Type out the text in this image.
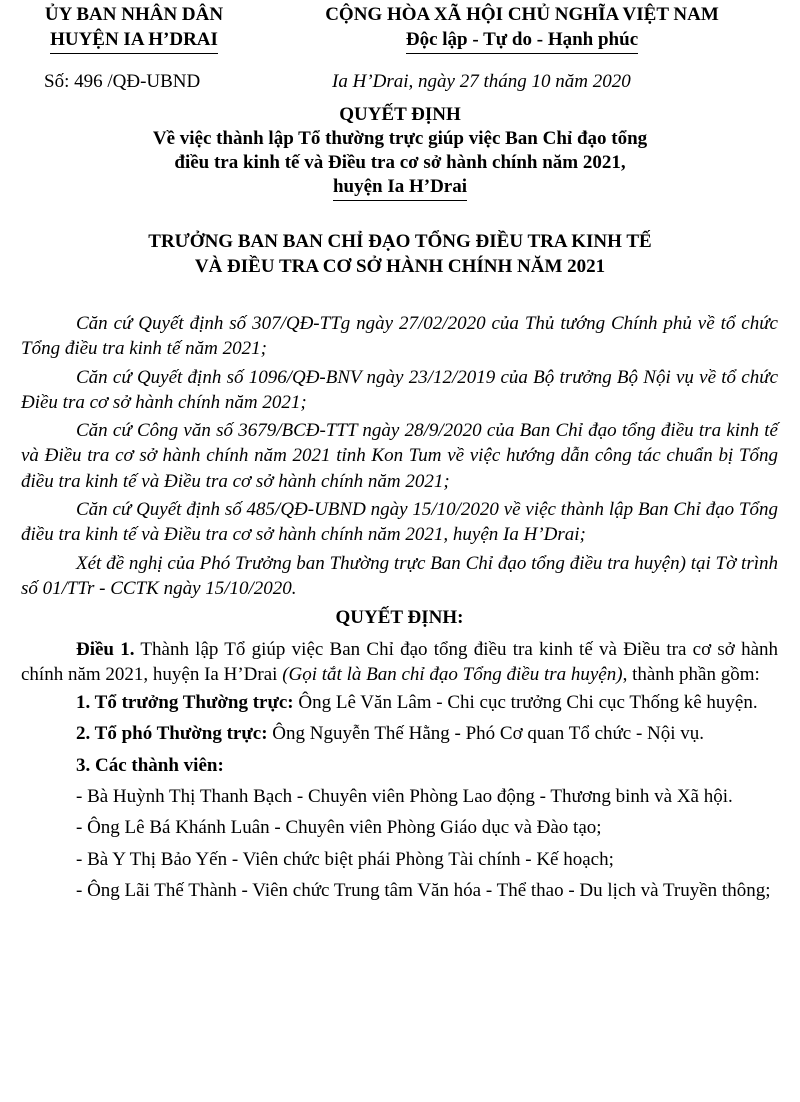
ỦY BAN NHÂN DÂN
HUYỆN IA H’DRAI
CỘNG HÒA XÃ HỘI CHỦ NGHĨA VIỆT NAM
Độc lập - Tự do - Hạnh phúc
Số: 496 /QĐ-UBND	Ia H’Drai, ngày 27 tháng 10 năm 2020
QUYẾT ĐỊNH
Về việc thành lập Tổ thường trực giúp việc Ban Chỉ đạo tổng
điều tra kinh tế và Điều tra cơ sở hành chính năm 2021,
huyện Ia H’Drai
TRƯỞNG BAN BAN CHỈ ĐẠO TỔNG ĐIỀU TRA KINH TẾ
VÀ ĐIỀU TRA CƠ SỞ HÀNH CHÍNH NĂM 2021

Căn cứ Quyết định số 307/QĐ-TTg ngày 27/02/2020 của Thủ tướng Chính phủ về tổ chức Tổng điều tra kinh tế năm 2021;

Căn cứ Quyết định số 1096/QĐ-BNV ngày 23/12/2019 của Bộ trưởng Bộ Nội vụ về tổ chức Điều tra cơ sở hành chính năm 2021;

Căn cứ Công văn số 3679/BCĐ-TTT ngày 28/9/2020 của Ban Chỉ đạo tổng điều tra kinh tế và Điều tra cơ sở hành chính năm 2021 tỉnh Kon Tum về việc hướng dẫn công tác chuẩn bị Tổng điều tra kinh tế và Điều tra cơ sở hành chính năm 2021;

Căn cứ Quyết định số 485/QĐ-UBND ngày 15/10/2020 về việc thành lập Ban Chỉ đạo Tổng điều tra kinh tế và Điều tra cơ sở hành chính năm 2021, huyện Ia H’Drai;

Xét đề nghị của Phó Trưởng ban Thường trực Ban Chỉ đạo tổng điều tra huyện) tại Tờ trình số 01/TTr - CCTK ngày 15/10/2020.

QUYẾT ĐỊNH:

Điều 1. Thành lập Tổ giúp việc Ban Chỉ đạo tổng điều tra kinh tế và Điều tra cơ sở hành chính năm 2021, huyện Ia H’Drai (Gọi tắt là Ban chỉ đạo Tổng điều tra huyện), thành phần gồm:

1. Tổ trưởng Thường trực: Ông Lê Văn Lâm - Chi cục trưởng Chi cục Thống kê huyện.

2. Tổ phó Thường trực: Ông Nguyễn Thế Hằng - Phó Cơ quan Tổ chức - Nội vụ.

3. Các thành viên:

- Bà Huỳnh Thị Thanh Bạch - Chuyên viên Phòng Lao động - Thương binh và Xã hội.

- Ông Lê Bá Khánh Luân - Chuyên viên Phòng Giáo dục và Đào tạo;

- Bà Y Thị Bảo Yến - Viên chức biệt phái Phòng Tài chính - Kế hoạch;

- Ông Lãi Thế Thành - Viên chức Trung tâm Văn hóa - Thể thao - Du lịch và Truyền thông;
